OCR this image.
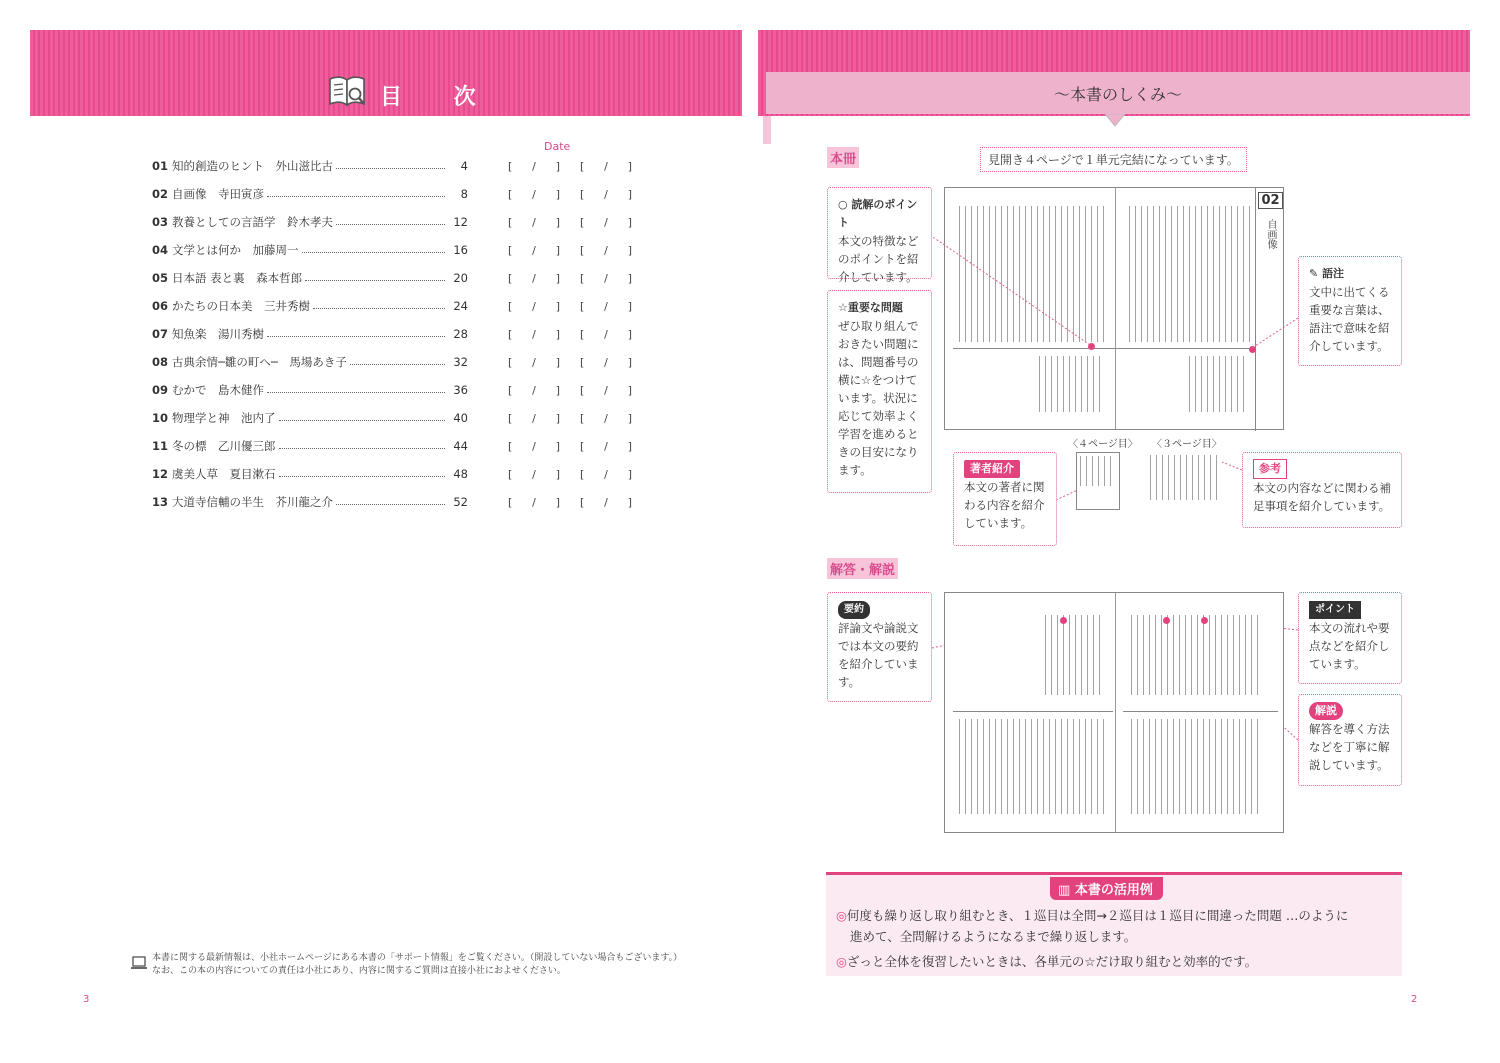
目 次
Date
01 知的創造のヒント　外山滋比古	4	[ / ] [ / ]
02 自画像　寺田寅彦	8	[ / ] [ / ]
03 教養としての言語学　鈴木孝夫	12	[ / ] [ / ]
04 文学とは何か　加藤周一	16	[ / ] [ / ]
05 日本語 表と裏　森本哲郎	20	[ / ] [ / ]
06 かたちの日本美　三井秀樹	24	[ / ] [ / ]
07 知魚楽　湯川秀樹	28	[ / ] [ / ]
08 古典余情─雛の町へ─　馬場あき子	32	[ / ] [ / ]
09 むかで　島木健作	36	[ / ] [ / ]
10 物理学と神　池内了	40	[ / ] [ / ]
11 冬の標　乙川優三郎	44	[ / ] [ / ]
12 虞美人草　夏目漱石	48	[ / ] [ / ]
13 大道寺信輔の半生　芥川龍之介	52	[ / ] [ / ]
本書に関する最新情報は、小社ホームページにある本書の「サポート情報」をご覧ください。（開設していない場合もございます。）
なお、この本の内容についての責任は小社にあり、内容に関するご質問は直接小社におよせください。
3
〜本書のしくみ〜
本冊	見開き４ページで１単元完結になっています。
02
自画像
○ 読解のポイント
本文の特徴などのポイントを紹介しています。
☆重要な問題
ぜひ取り組んでおきたい問題には、問題番号の横に☆をつけています。状況に応じて効率よく学習を進めるときの目安になります。
✎ 語注
文中に出てくる重要な言葉は、語注で意味を紹介しています。
〈４ページ目〉 〈３ページ目〉
著者紹介
本文の著者に関わる内容を紹介しています。
参考
本文の内容などに関わる補足事項を紹介しています。
解答・解説
要約
評論文や論説文では本文の要約を紹介しています。
ポイント
本文の流れや要点などを紹介しています。
解説
解答を導く方法などを丁寧に解説しています。
▥ 本書の活用例
◎何度も繰り返し取り組むとき、１巡目は全問→２巡目は１巡目に間違った問題 …のように
進めて、全問解けるようになるまで繰り返します。
◎ざっと全体を復習したいときは、各単元の☆だけ取り組むと効率的です。
2
